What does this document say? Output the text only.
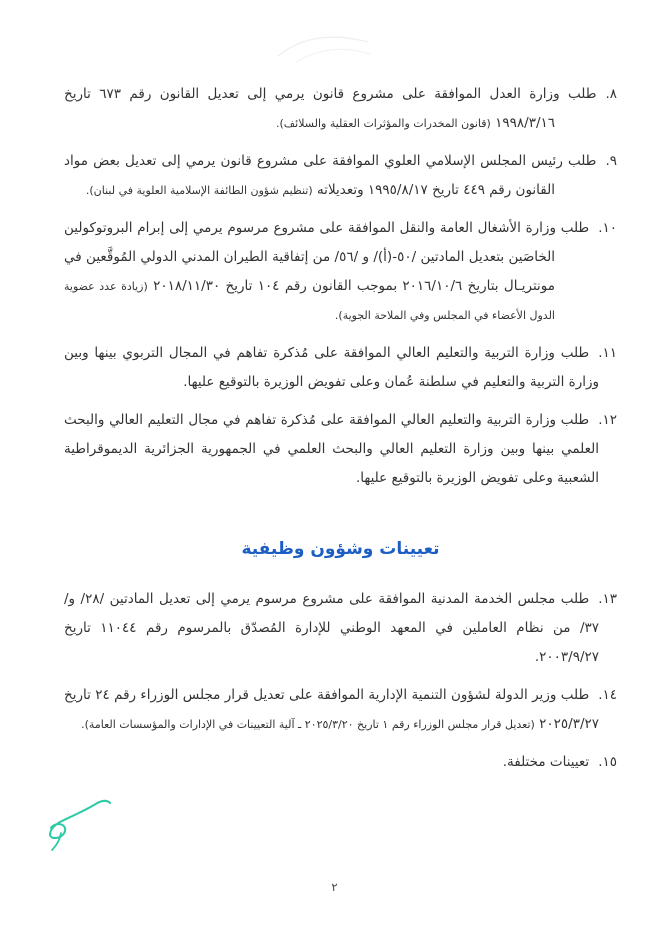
٨.طلب وزارة العدل الموافقة على مشروع قانون يرمي إلى تعديل القانون رقم ٦٧٣ تاريخ ١٩٩٨/٣/١٦ (قانون المخدرات والمؤثرات العقلية والسلائف).
٩.طلب رئيس المجلس الإسلامي العلوي الموافقة على مشروع قانون يرمي إلى تعديل بعض مواد القانون رقم ٤٤٩ تاريخ ١٩٩٥/٨/١٧ وتعديلاته (تنظيم شؤون الطائفة الإسلامية العلوية في لبنان).
١٠.طلب وزارة الأشغال العامة والنقل الموافقة على مشروع مرسوم يرمي إلى إبرام البروتوكولين الخاصَين بتعديل المادتين /٥٠-(أ)/ و /٥٦/ من إتفاقية الطيران المدني الدولي المُوقَّعين في مونتريـال بتاريخ ٢٠١٦/١٠/٦ بموجب القانون رقم ١٠٤ تاريخ ٢٠١٨/١١/٣٠ (زيادة عدد عضوية الدول الأعضاء في المجلس وفي الملاحة الجوية).
١١.طلب وزارة التربية والتعليم العالي الموافقة على مُذكرة تفاهم في المجال التربوي بينها وبين وزارة التربية والتعليم في سلطنة عُمان وعلى تفويض الوزيرة بالتوقيع عليها.
١٢.طلب وزارة التربية والتعليم العالي الموافقة على مُذكرة تفاهم في مجال التعليم العالي والبحث العلمي بينها وبين وزارة التعليم العالي والبحث العلمي في الجمهورية الجزائرية الديموقراطية الشعبية وعلى تفويض الوزيرة بالتوقيع عليها.
تعيينات وشؤون وظيفية
١٣.طلب مجلس الخدمة المدنية الموافقة على مشروع مرسوم يرمي إلى تعديل المادتين /٢٨/ و/٣٧/ من نظام العاملين في المعهد الوطني للإدارة المُصدّق بالمرسوم رقم ١١٠٤٤ تاريخ ٢٠٠٣/٩/٢٧.
١٤.طلب وزير الدولة لشؤون التنمية الإدارية الموافقة على تعديل قرار مجلس الوزراء رقم ٢٤ تاريخ ٢٠٢٥/٣/٢٧ (تعديل قرار مجلس الوزراء رقم ١ تاريخ ٢٠٢٥/٣/٢٠ ـ آلية التعيينات في الإدارات والمؤسسات العامة).
١٥.تعيينات مختلفة.
٢
